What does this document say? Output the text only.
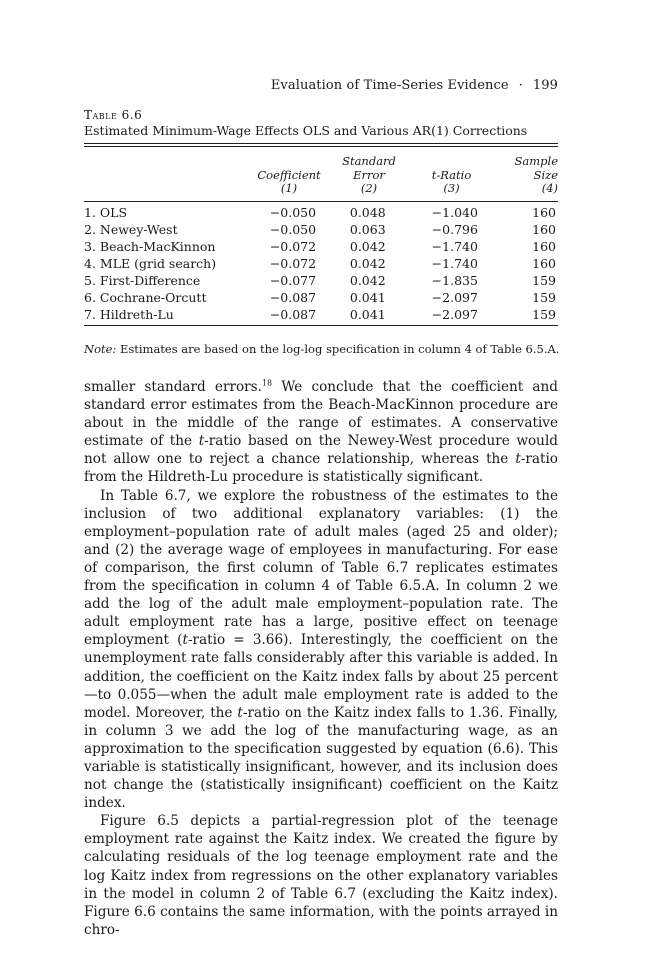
Evaluation of Time-Series Evidence · 199
Table 6.6
Estimated Minimum-Wage Effects OLS and Various AR(1) Corrections

Coefficient
(1)

Standard
Error
(2)

t-Ratio
(3)

Sample
Size
(4)

1. OLS	−0.050	0.048	−1.040	160
2. Newey-West	−0.050	0.063	−0.796	160
3. Beach-MacKinnon	−0.072	0.042	−1.740	160
4. MLE (grid search)	−0.072	0.042	−1.740	160
5. First-Difference	−0.077	0.042	−1.835	159
6. Cochrane-Orcutt	−0.087	0.041	−2.097	159
7. Hildreth-Lu	−0.087	0.041	−2.097	159
Note: Estimates are based on the log-log specification in column 4 of Table 6.5.A.

smaller standard errors.$^{18}$ We conclude that the coefficient and standard error estimates from the Beach-MacKinnon procedure are about in the middle of the range of estimates. A conservative estimate of the t-ratio based on the Newey-West procedure would not allow one to reject a chance relationship, whereas the t-ratio from the Hildreth-Lu procedure is statistically significant.

In Table 6.7, we explore the robustness of the estimates to the inclusion of two additional explanatory variables: (1) the employment–population rate of adult males (aged 25 and older); and (2) the average wage of employees in manufacturing. For ease of comparison, the first column of Table 6.7 replicates estimates from the specification in column 4 of Table 6.5.A. In column 2 we add the log of the adult male employment–population rate. The adult employment rate has a large, positive effect on teenage employment (t-ratio = 3.66). Interestingly, the coefficient on the unemployment rate falls considerably after this variable is added. In addition, the coefficient on the Kaitz index falls by about 25 percent—to 0.055—when the adult male employment rate is added to the model. Moreover, the t-ratio on the Kaitz index falls to 1.36. Finally, in column 3 we add the log of the manufacturing wage, as an approximation to the specification suggested by equation (6.6). This variable is statistically insignificant, however, and its inclusion does not change the (statistically insignificant) coefficient on the Kaitz index.

Figure 6.5 depicts a partial-regression plot of the teenage employment rate against the Kaitz index. We created the figure by calculating residuals of the log teenage employment rate and the log Kaitz index from regressions on the other explanatory variables in the model in column 2 of Table 6.7 (excluding the Kaitz index). Figure 6.6 contains the same information, with the points arrayed in chro-
